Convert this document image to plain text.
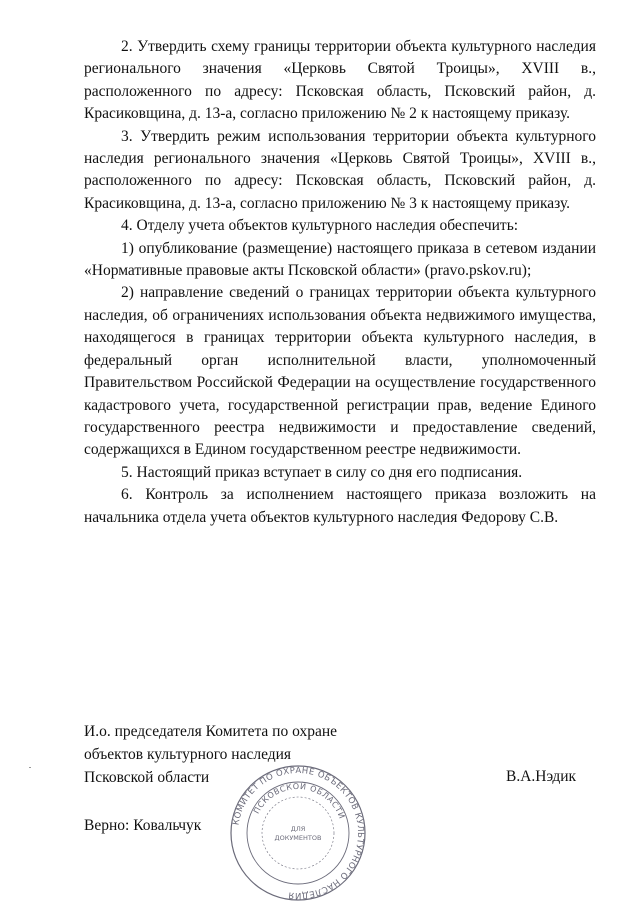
2. Утвердить схему границы территории объекта культурного наследия регионального значения «Церковь Святой Троицы», XVIII в., расположенного по адресу: Псковская область, Псковский район, д. Красиковщина, д. 13-а, согласно приложению № 2 к настоящему приказу.

3. Утвердить режим использования территории объекта культурного наследия регионального значения «Церковь Святой Троицы», XVIII в., расположенного по адресу: Псковская область, Псковский район, д. Красиковщина, д. 13-а, согласно приложению № 3 к настоящему приказу.

4. Отделу учета объектов культурного наследия обеспечить:

1) опубликование (размещение) настоящего приказа в сетевом издании «Нормативные правовые акты Псковской области» (pravo.pskov.ru);

2) направление сведений о границах территории объекта культурного наследия, об ограничениях использования объекта недвижимого имущества, находящегося в границах территории объекта культурного наследия, в федеральный орган исполнительной власти, уполномоченный Правительством Российской Федерации на осуществление государственного кадастрового учета, государственной регистрации прав, ведение Единого государственного реестра недвижимости и предоставление сведений, содержащихся в Едином государственном реестре недвижимости.

5. Настоящий приказ вступает в силу со дня его подписания.

6. Контроль за исполнением настоящего приказа возложить на начальника отдела учета объектов культурного наследия Федорову С.В.

И.о. председателя Комитета по охране
объектов культурного наследия
Псковской области	В.А.Нэдик
Верно: Ковальчук	КОМИТЕТ ПО ОХРАНЕ ОБЪЕКТОВ КУЛЬТУРНОГО НАСЛЕДИЯ
ПСКОВСКОЙ ОБЛАСТИ
ДЛЯ
ДОКУМЕНТОВ
